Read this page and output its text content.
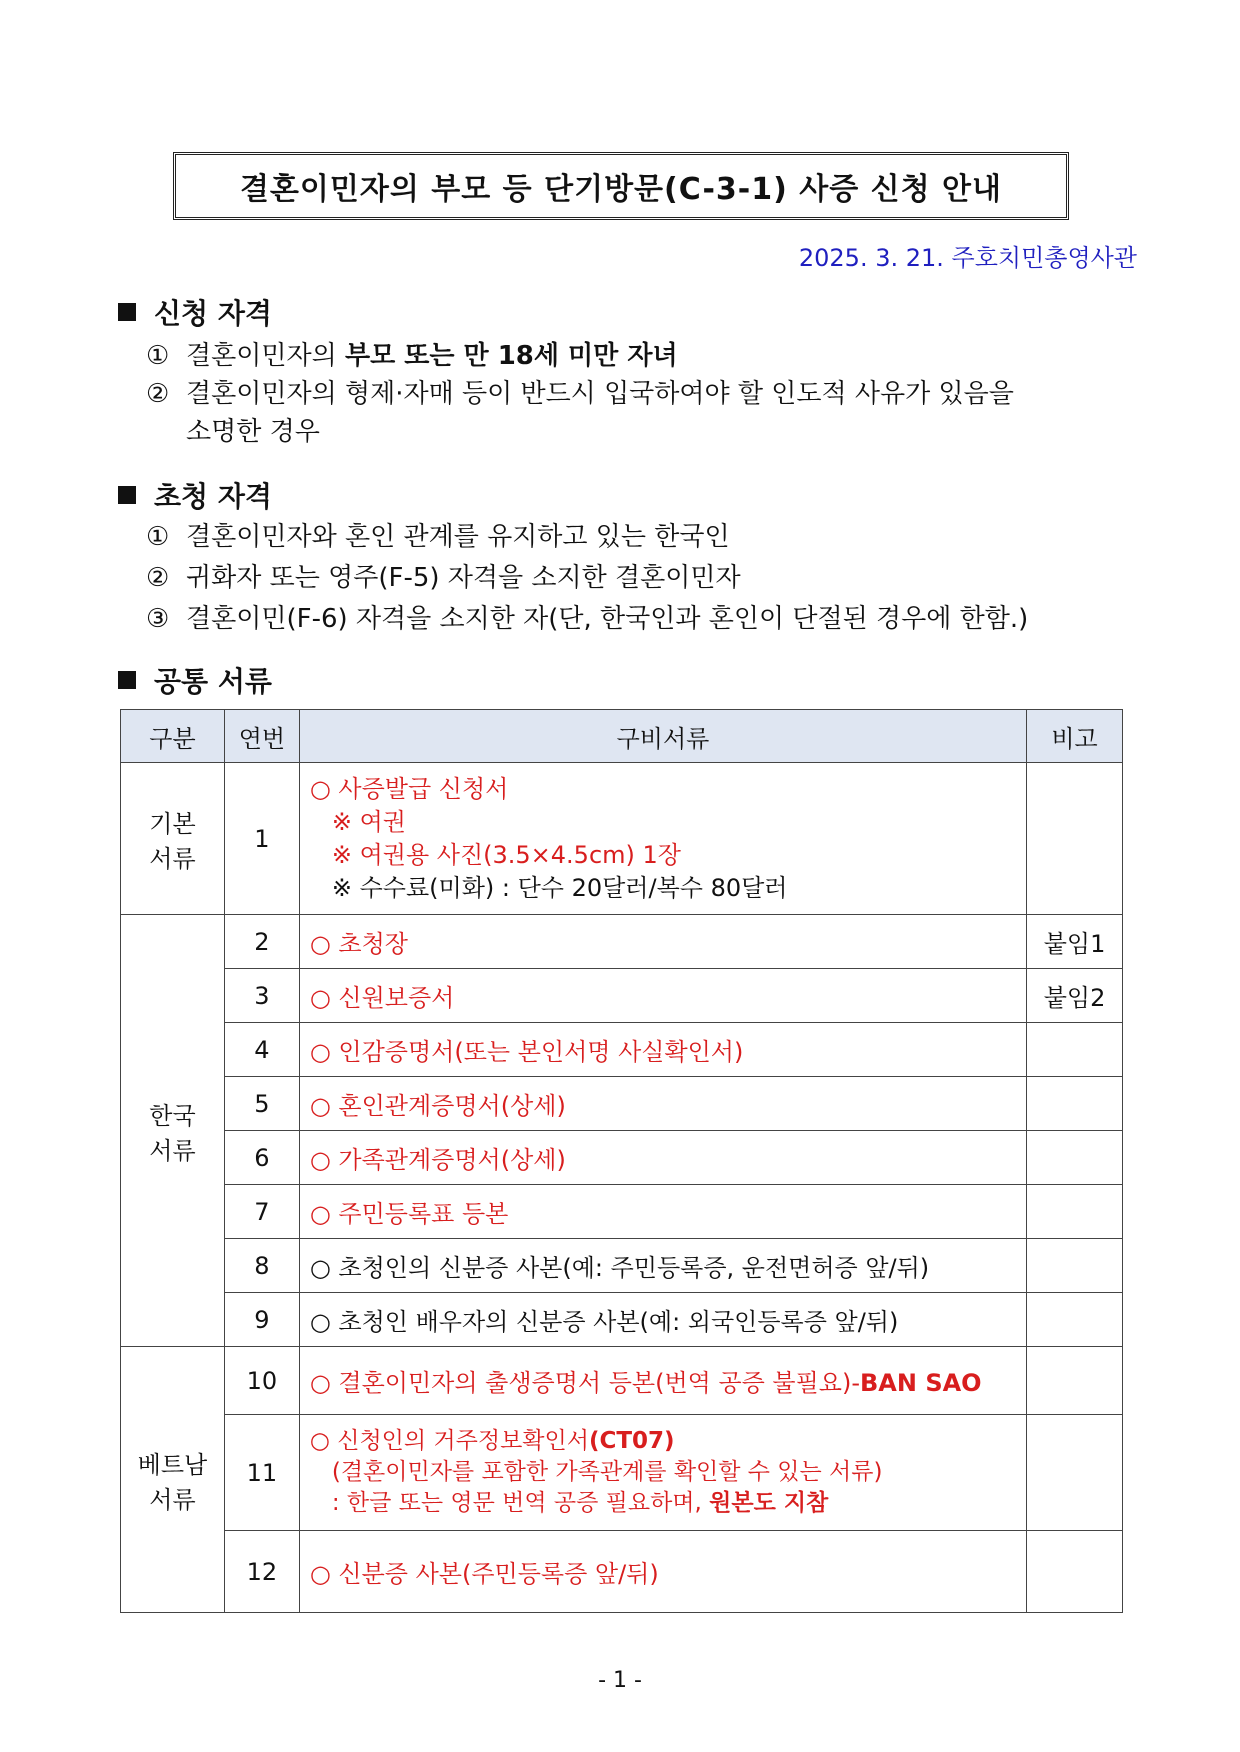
결혼이민자의 부모 등 단기방문(C-3-1) 사증 신청 안내
2025. 3. 21. 주호치민총영사관
신청 자격
① 결혼이민자의 부모 또는 만 18세 미만 자녀
② 결혼이민자의 형제·자매 등이 반드시 입국하여야 할 인도적 사유가 있음을
소명한 경우
초청 자격
① 결혼이민자와 혼인 관계를 유지하고 있는 한국인
② 귀화자 또는 영주(F-5) 자격을 소지한 결혼이민자
③ 결혼이민(F-6) 자격을 소지한 자(단, 한국인과 혼인이 단절된 경우에 한함.)
공통 서류
구분	연번	구비서류	비고
기본
서류	1	○ 사증발급 신청서
※ 여권
※ 여권용 사진(3.5×4.5cm) 1장
※ 수수료(미화) : 단수 20달러/복수 80달러	

한국
서류	2	○ 초청장	붙임1
	3	○ 신원보증서	붙임2
	4	○ 인감증명서(또는 본인서명 사실확인서)	
	5	○ 혼인관계증명서(상세)	
	6	○ 가족관계증명서(상세)	
	7	○ 주민등록표 등본	
	8	○ 초청인의 신분증 사본(예: 주민등록증, 운전면허증 앞/뒤)	
	9	○ 초청인 배우자의 신분증 사본(예: 외국인등록증 앞/뒤)	
베트남
서류	10	○ 결혼이민자의 출생증명서 등본(번역 공증 불필요)-BAN SAO	
	11	○ 신청인의 거주정보확인서(CT07)
(결혼이민자를 포함한 가족관계를 확인할 수 있는 서류)
: 한글 또는 영문 번역 공증 필요하며, 원본도 지참	

	12	○ 신분증 사본(주민등록증 앞/뒤)	
- 1 -
